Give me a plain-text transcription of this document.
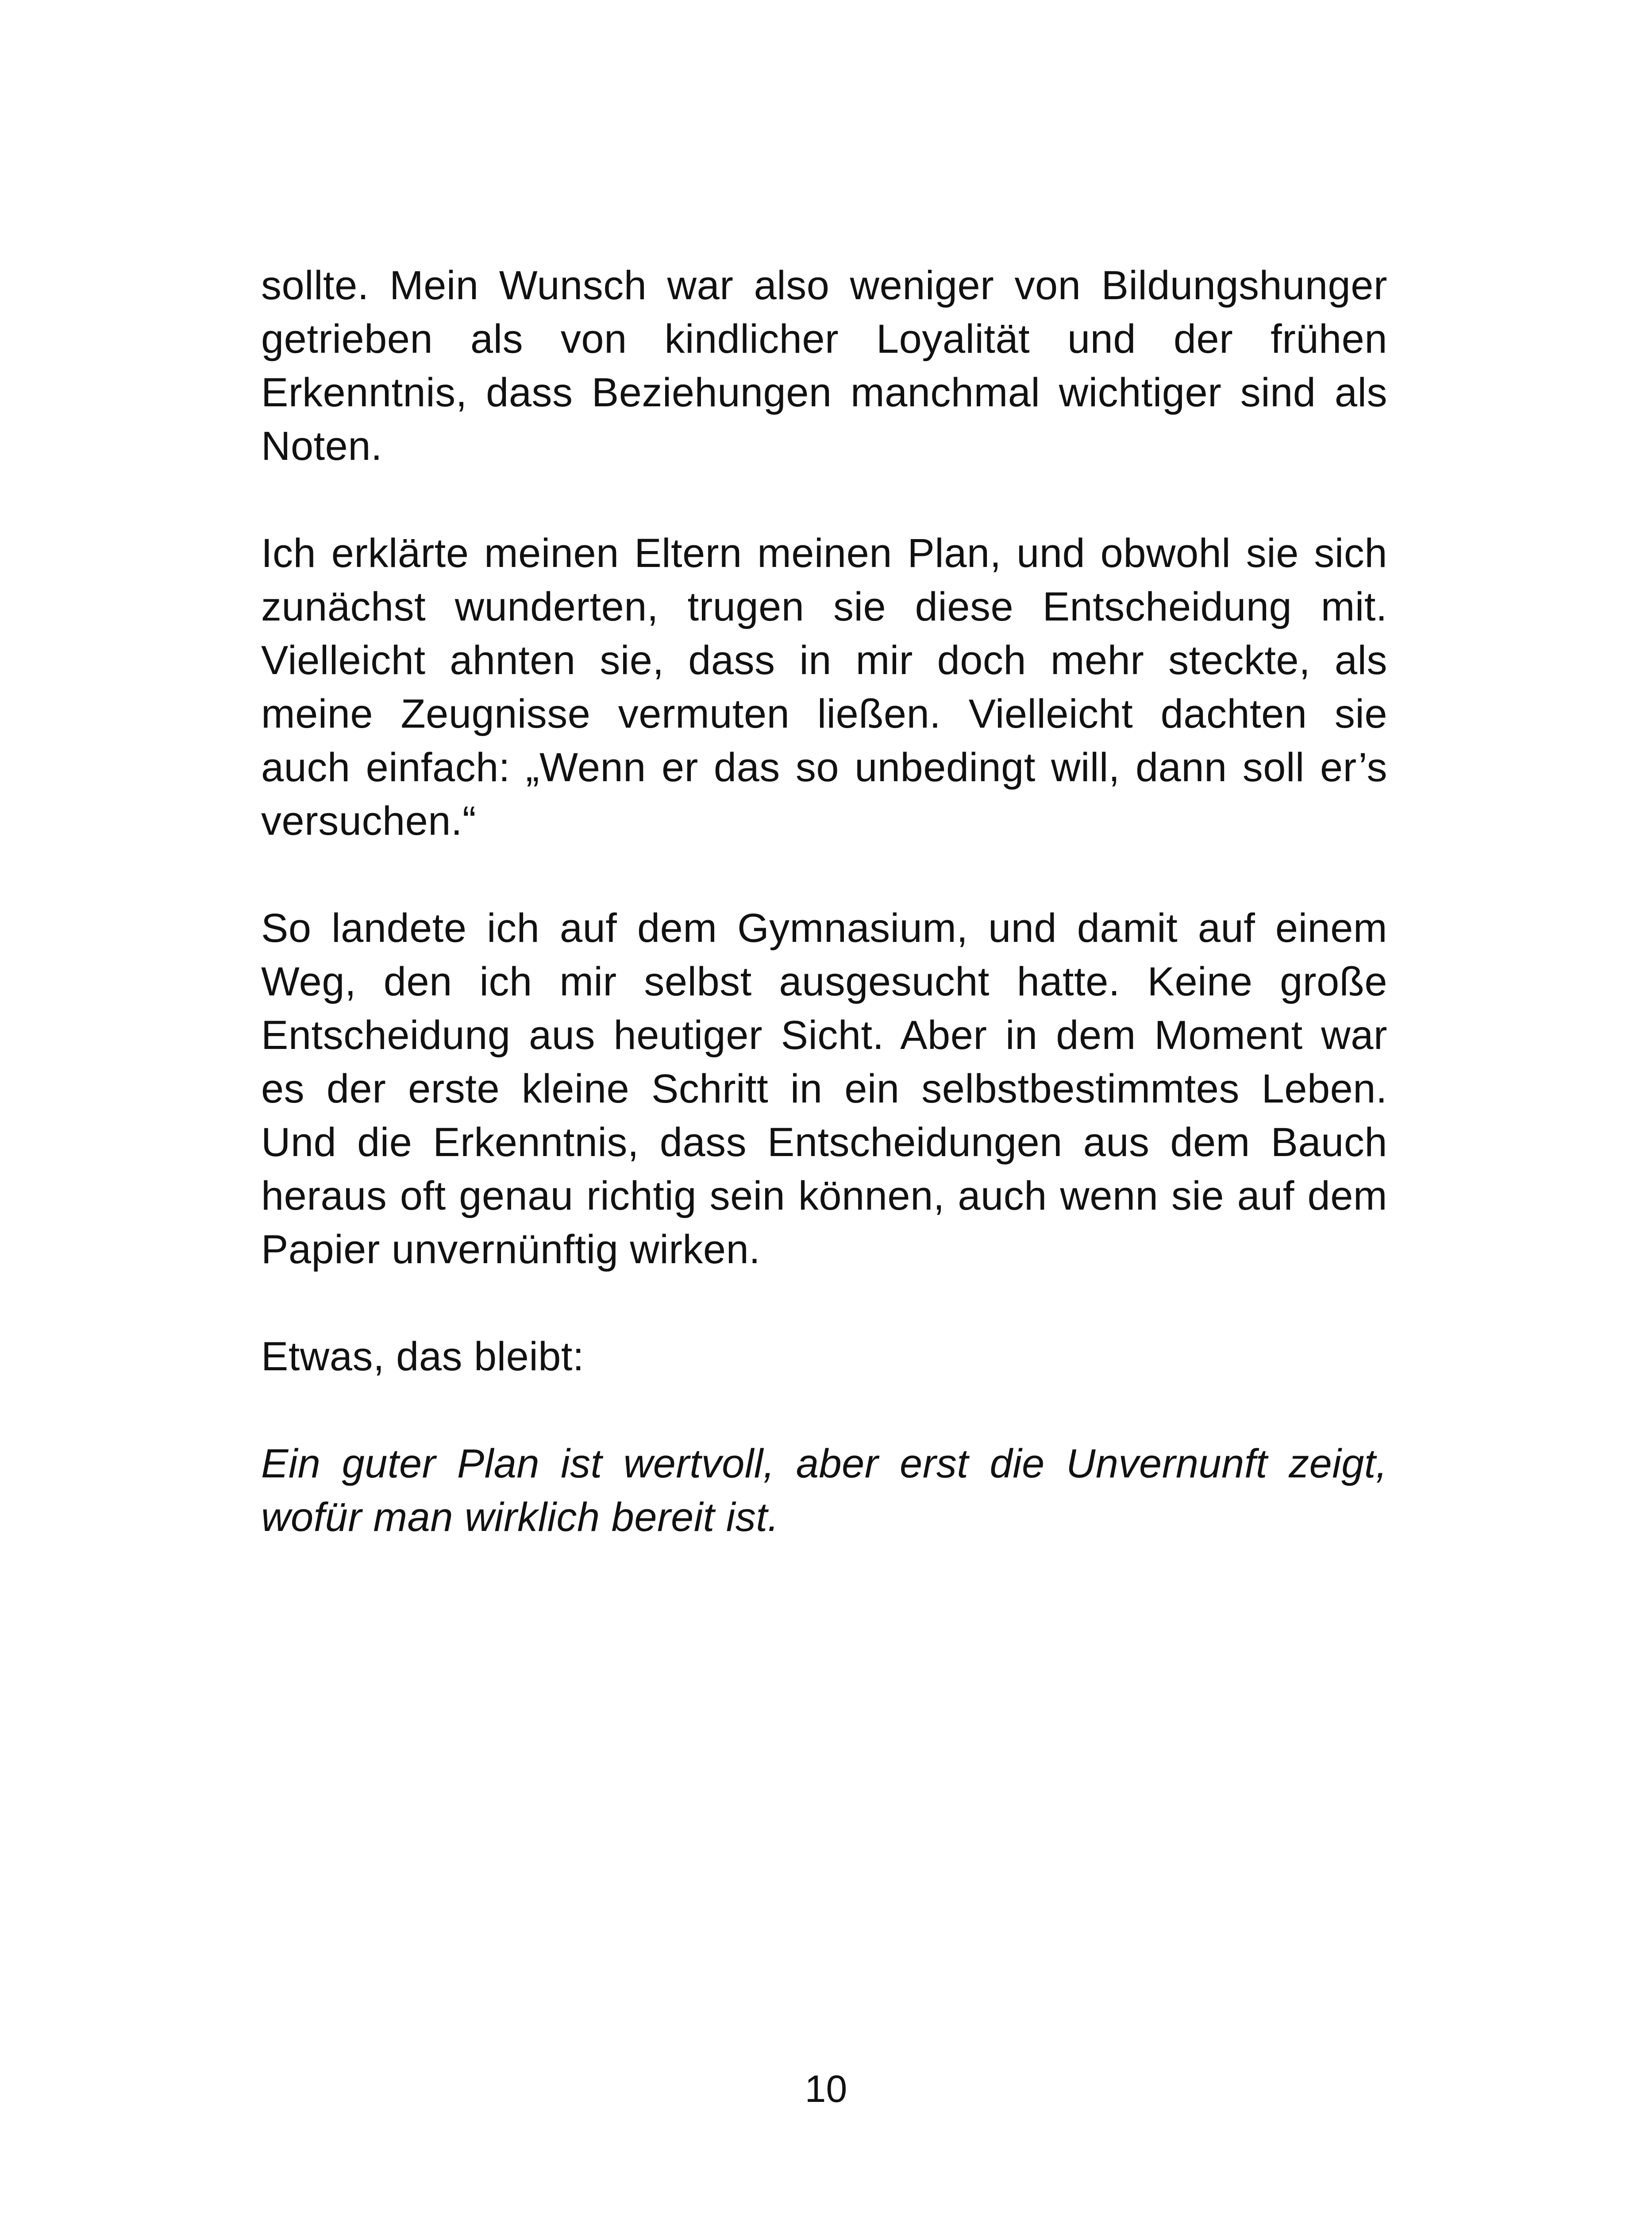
sollte. Mein Wunsch war also weniger von Bildungshunger getrieben als von kindlicher Loyalität und der frühen Erkenntnis, dass Beziehungen manchmal wichtiger sind als Noten.

Ich erklärte meinen Eltern meinen Plan, und obwohl sie sich zunächst wunderten, trugen sie diese Entscheidung mit. Vielleicht ahnten sie, dass in mir doch mehr steckte, als meine Zeugnisse vermuten ließen. Vielleicht dachten sie auch einfach: „Wenn er das so unbedingt will, dann soll er’s versuchen.“

So landete ich auf dem Gymnasium, und damit auf einem Weg, den ich mir selbst ausgesucht hatte. Keine große Entscheidung aus heutiger Sicht. Aber in dem Moment war es der erste kleine Schritt in ein selbstbestimmtes Leben. Und die Erkenntnis, dass Entscheidungen aus dem Bauch heraus oft genau richtig sein können, auch wenn sie auf dem Papier unvernünftig wirken.

Etwas, das bleibt:

Ein guter Plan ist wertvoll, aber erst die Unvernunft zeigt, wofür man wirklich bereit ist.

10
